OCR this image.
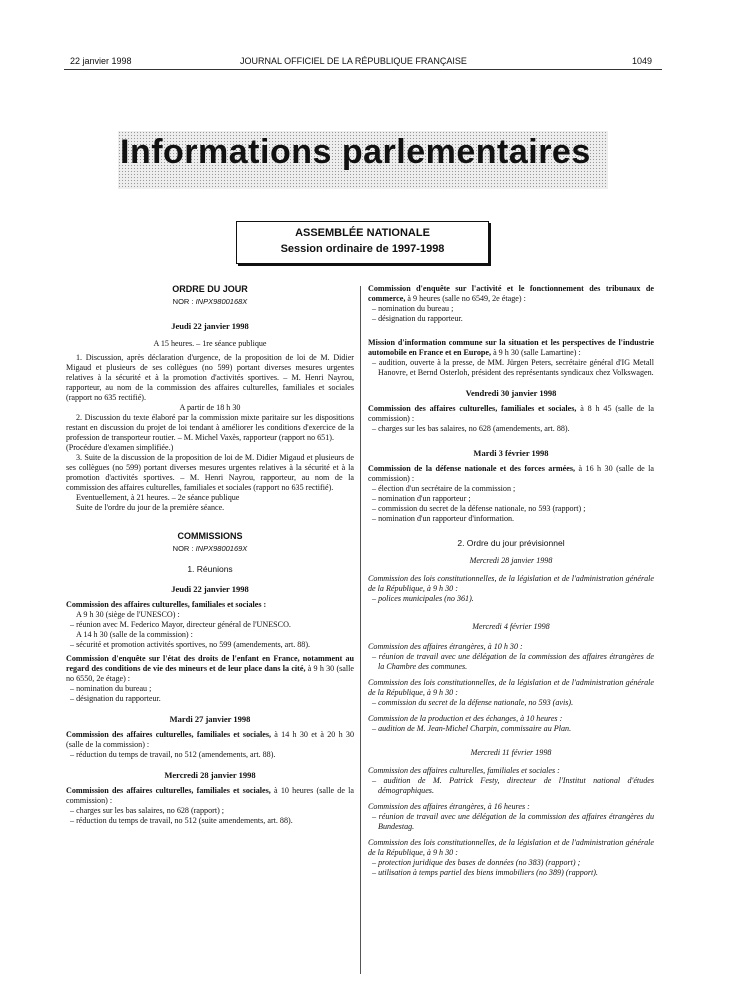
22 janvier 1998	JOURNAL OFFICIEL DE LA RÉPUBLIQUE FRANÇAISE	1049
Informations parlementaires
ASSEMBLÉE NATIONALE
Session ordinaire de 1997-1998
ORDRE DU JOUR
NOR : INPX9800168X
Jeudi 22 janvier 1998
A 15 heures. – 1re séance publique

1. Discussion, après déclaration d'urgence, de la proposition de loi de M. Didier Migaud et plusieurs de ses collègues (no 599) portant diverses mesures urgentes relatives à la sécurité et à la promotion d'activités sportives. – M. Henri Nayrou, rapporteur, au nom de la commission des affaires culturelles, familiales et sociales (rapport no 635 rectifié).

A partir de 18 h 30

2. Discussion du texte élaboré par la commission mixte paritaire sur les dispositions restant en discussion du projet de loi tendant à améliorer les conditions d'exercice de la profession de transporteur routier. – M. Michel Vaxès, rapporteur (rapport no 651).

(Procédure d'examen simplifiée.)

3. Suite de la discussion de la proposition de loi de M. Didier Migaud et plusieurs de ses collègues (no 599) portant diverses mesures urgentes relatives à la sécurité et à la promotion d'activités sportives. – M. Henri Nayrou, rapporteur, au nom de la commission des affaires culturelles, familiales et sociales (rapport no 635 rectifié).

Eventuellement, à 21 heures. – 2e séance publique

Suite de l'ordre du jour de la première séance.

COMMISSIONS
NOR : INPX9800169X
1. Réunions
Jeudi 22 janvier 1998

Commission des affaires culturelles, familiales et sociales :

A 9 h 30 (siège de l'UNESCO) :

– réunion avec M. Federico Mayor, directeur général de l'UNESCO.

A 14 h 30 (salle de la commission) :

– sécurité et promotion activités sportives, no 599 (amendements, art. 88).

Commission d'enquête sur l'état des droits de l'enfant en France, notamment au regard des conditions de vie des mineurs et de leur place dans la cité, à 9 h 30 (salle no 6550, 2e étage) :

– nomination du bureau ;

– désignation du rapporteur.

Mardi 27 janvier 1998

Commission des affaires culturelles, familiales et sociales, à 14 h 30 et à 20 h 30 (salle de la commission) :

– réduction du temps de travail, no 512 (amendements, art. 88).

Mercredi 28 janvier 1998

Commission des affaires culturelles, familiales et sociales, à 10 heures (salle de la commission) :

– charges sur les bas salaires, no 628 (rapport) ;

– réduction du temps de travail, no 512 (suite amendements, art. 88).

Commission d'enquête sur l'activité et le fonctionnement des tribunaux de commerce, à 9 heures (salle no 6549, 2e étage) :

– nomination du bureau ;

– désignation du rapporteur.

Mission d'information commune sur la situation et les perspectives de l'industrie automobile en France et en Europe, à 9 h 30 (salle Lamartine) :

– audition, ouverte à la presse, de MM. Jürgen Peters, secrétaire général d'IG Metall Hanovre, et Bernd Osterloh, président des représentants syndicaux chez Volkswagen.

Vendredi 30 janvier 1998

Commission des affaires culturelles, familiales et sociales, à 8 h 45 (salle de la commission) :

– charges sur les bas salaires, no 628 (amendements, art. 88).

Mardi 3 février 1998

Commission de la défense nationale et des forces armées, à 16 h 30 (salle de la commission) :

– élection d'un secrétaire de la commission ;

– nomination d'un rapporteur ;

– commission du secret de la défense nationale, no 593 (rapport) ;

– nomination d'un rapporteur d'information.

2. Ordre du jour prévisionnel
Mercredi 28 janvier 1998

Commission des lois constitutionnelles, de la législation et de l'administration générale de la République, à 9 h 30 :

– polices municipales (no 361).

Mercredi 4 février 1998

Commission des affaires étrangères, à 10 h 30 :

– réunion de travail avec une délégation de la commission des affaires étrangères de la Chambre des communes.

Commission des lois constitutionnelles, de la législation et de l'administration générale de la République, à 9 h 30 :

– commission du secret de la défense nationale, no 593 (avis).

Commission de la production et des échanges, à 10 heures :

– audition de M. Jean-Michel Charpin, commissaire au Plan.

Mercredi 11 février 1998

Commission des affaires culturelles, familiales et sociales :

– audition de M. Patrick Festy, directeur de l'Institut national d'études démographiques.

Commission des affaires étrangères, à 16 heures :

– réunion de travail avec une délégation de la commission des affaires étrangères du Bundestag.

Commission des lois constitutionnelles, de la législation et de l'administration générale de la République, à 9 h 30 :

– protection juridique des bases de données (no 383) (rapport) ;

– utilisation à temps partiel des biens immobiliers (no 389) (rapport).
